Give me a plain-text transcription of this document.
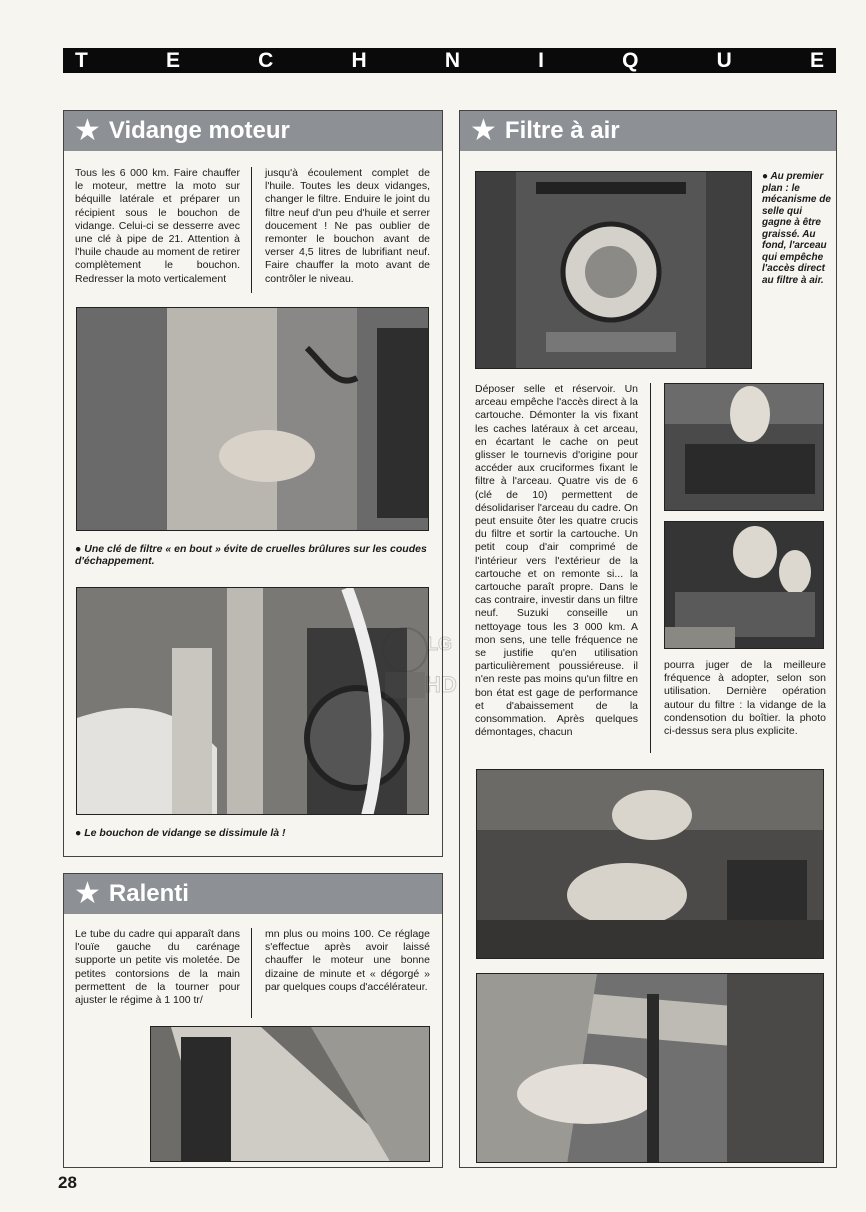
T	E	C	H	N	I	Q	U	E
★ Vidange moteur
Tous les 6 000 km. Faire chauffer le moteur, mettre la moto sur béquille latérale et préparer un récipient sous le bouchon de vidange. Celui-ci se desserre avec une clé à pipe de 21. Attention à l'huile chaude au moment de retirer complètement le bouchon. Redresser la moto verticalement
jusqu'à écoulement complet de l'huile. Toutes les deux vidanges, changer le filtre. Enduire le joint du filtre neuf d'un peu d'huile et serrer doucement ! Ne pas oublier de remonter le bouchon avant de verser 4,5 litres de lubrifiant neuf. Faire chauffer la moto avant de contrôler le niveau.
● Une clé de filtre « en bout » évite de cruelles brûlures sur les coudes d'échappement.
● Le bouchon de vidange se dissimule là !
★ Ralenti
Le tube du cadre qui apparaît dans l'ouïe gauche du carénage supporte un petite vis moletée. De petites contorsions de la main permettent de la tourner pour ajuster le régime à 1 100 tr/
mn plus ou moins 100. Ce réglage s'effectue après avoir laissé chauffer le moteur une bonne dizaine de minute et « dégorgé » par quelques coups d'accélérateur.
★ Filtre à air
● Au premier plan : le mécanisme de selle qui gagne à être graissé. Au fond, l'arceau qui empêche l'accès direct au filtre à air.
Déposer selle et réservoir. Un arceau empêche l'accès direct à la cartouche. Démonter la vis fixant les caches latéraux à cet arceau, en écartant le cache on peut glisser le tournevis d'origine pour accéder aux cruciformes fixant le filtre à l'arceau. Quatre vis de 6 (clé de 10) permettent de désolidariser l'arceau du cadre. On peut ensuite ôter les quatre crucis du filtre et sortir la cartouche. Un petit coup d'air comprimé de l'intérieur vers l'extérieur de la cartouche et on remonte si... la cartouche paraît propre. Dans le cas contraire, investir dans un filtre neuf. Suzuki conseille un nettoyage tous les 3 000 km. A mon sens, une telle fréquence ne se justifie qu'en utilisation particulièrement poussiéreuse. il n'en reste pas moins qu'un filtre en bon état est gage de performance et d'abaissement de la consommation. Après quelques démontages, chacun
pourra juger de la meilleure fréquence à adopter, selon son utilisation. Dernière opération autour du filtre : la vidange de la condensotion du boîtier. la photo ci-dessus sera plus explicite.
LG
HD
28
